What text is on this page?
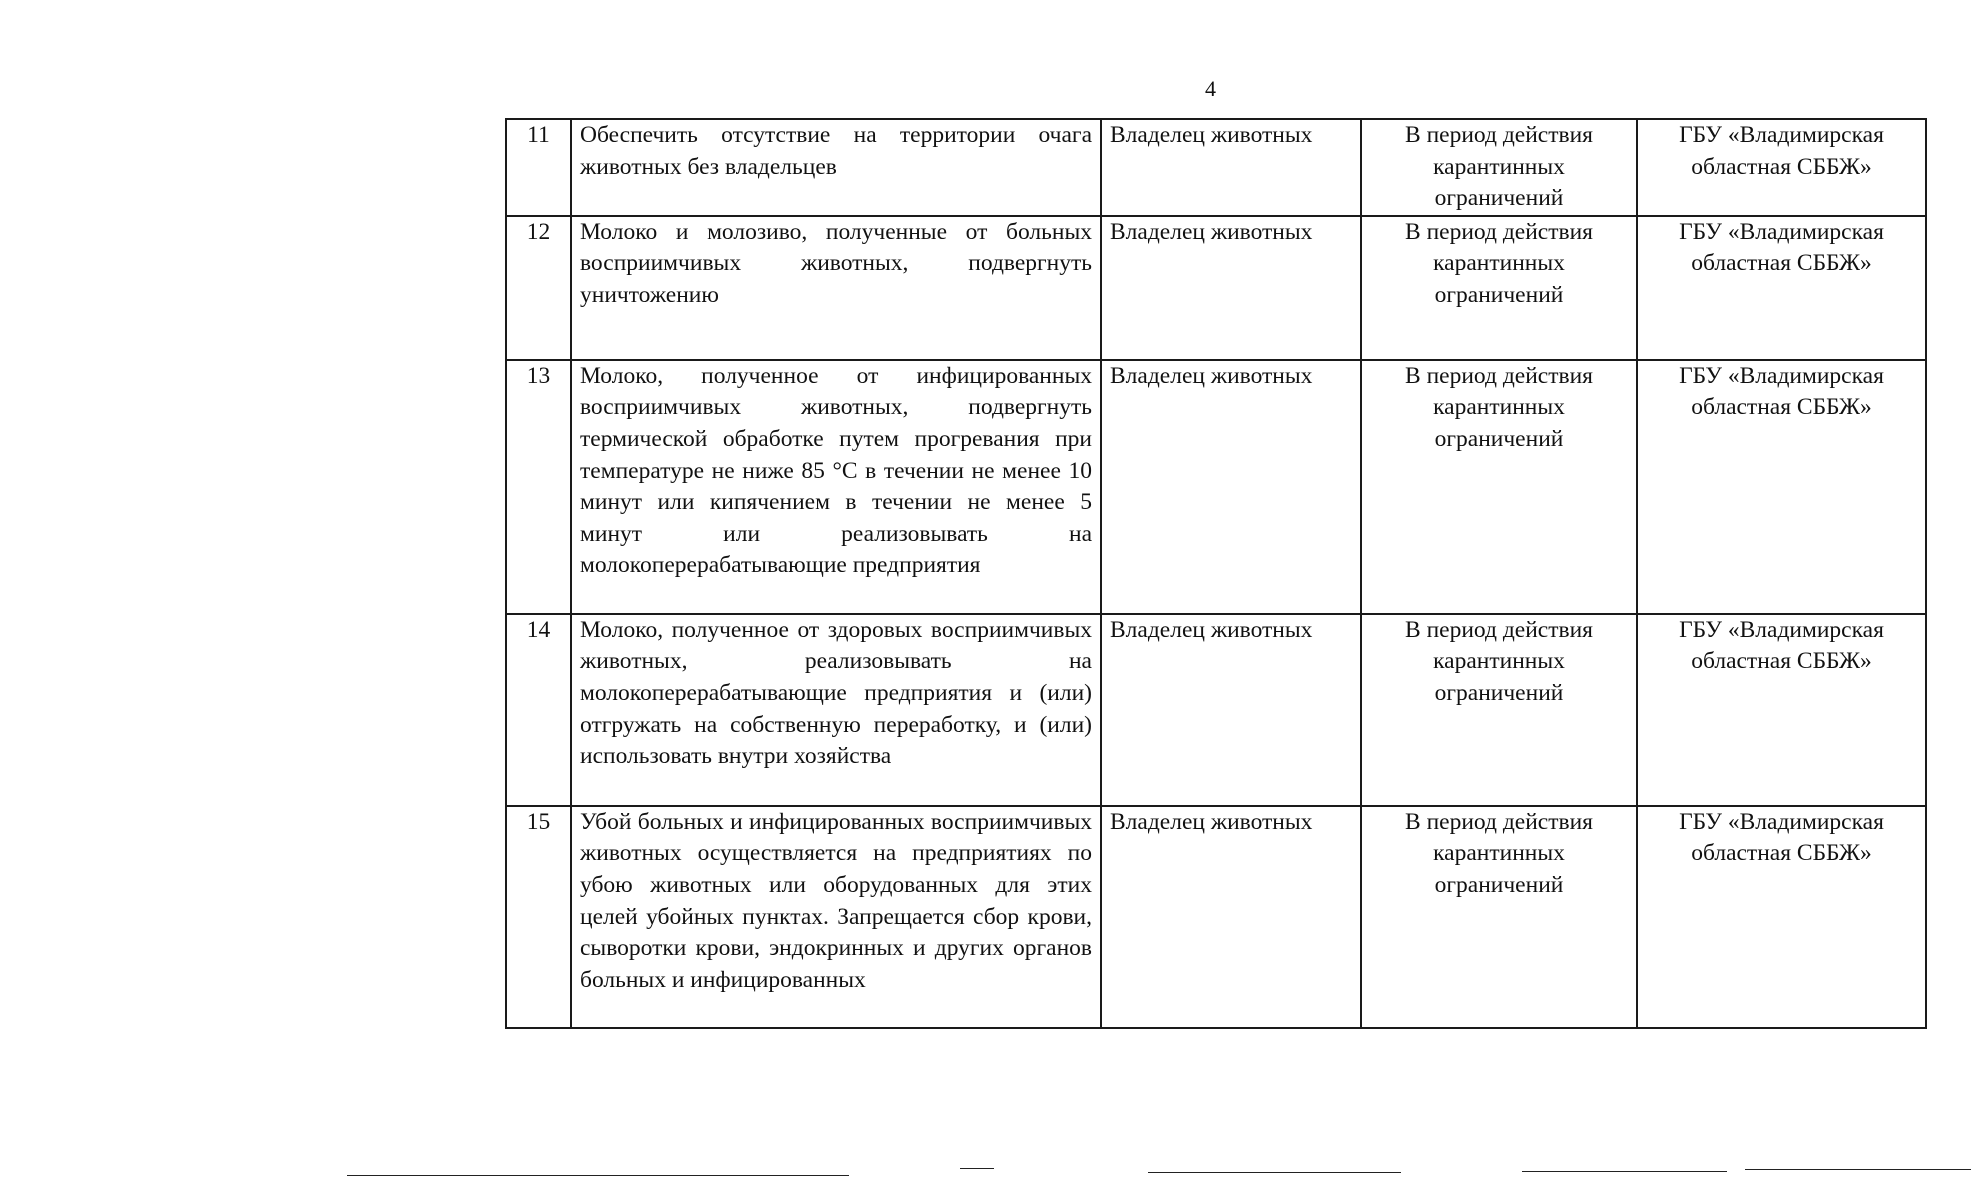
4
11	Обеспечить отсутствие на территории очага животных без владельцев	Владелец животных	В период действия карантинных ограничений	ГБУ «Владимирская областная СББЖ»
12	Молоко и молозиво, полученные от больных восприимчивых животных, подвергнуть уничтожению	Владелец животных	В период действия карантинных ограничений	ГБУ «Владимирская областная СББЖ»
13	Молоко, полученное от инфицированных восприимчивых животных, подвергнуть термической обработке путем прогревания при температуре не ниже 85 °С в течении не менее 10 минут или кипячением в течении не менее 5 минут или реализовывать на молокоперерабатывающие предприятия	Владелец животных	В период действия карантинных ограничений	ГБУ «Владимирская областная СББЖ»
14	Молоко, полученное от здоровых восприимчивых животных, реализовывать на молокоперерабатывающие предприятия и (или) отгружать на собственную переработку, и (или) использовать внутри хозяйства	Владелец животных	В период действия карантинных ограничений	ГБУ «Владимирская областная СББЖ»
15	Убой больных и инфицированных восприимчивых животных осуществляется на предприятиях по убою животных или оборудованных для этих целей убойных пунктах. Запрещается сбор крови, сыворотки крови, эндокринных и других органов больных и инфицированных	Владелец животных	В период действия карантинных ограничений	ГБУ «Владимирская областная СББЖ»
